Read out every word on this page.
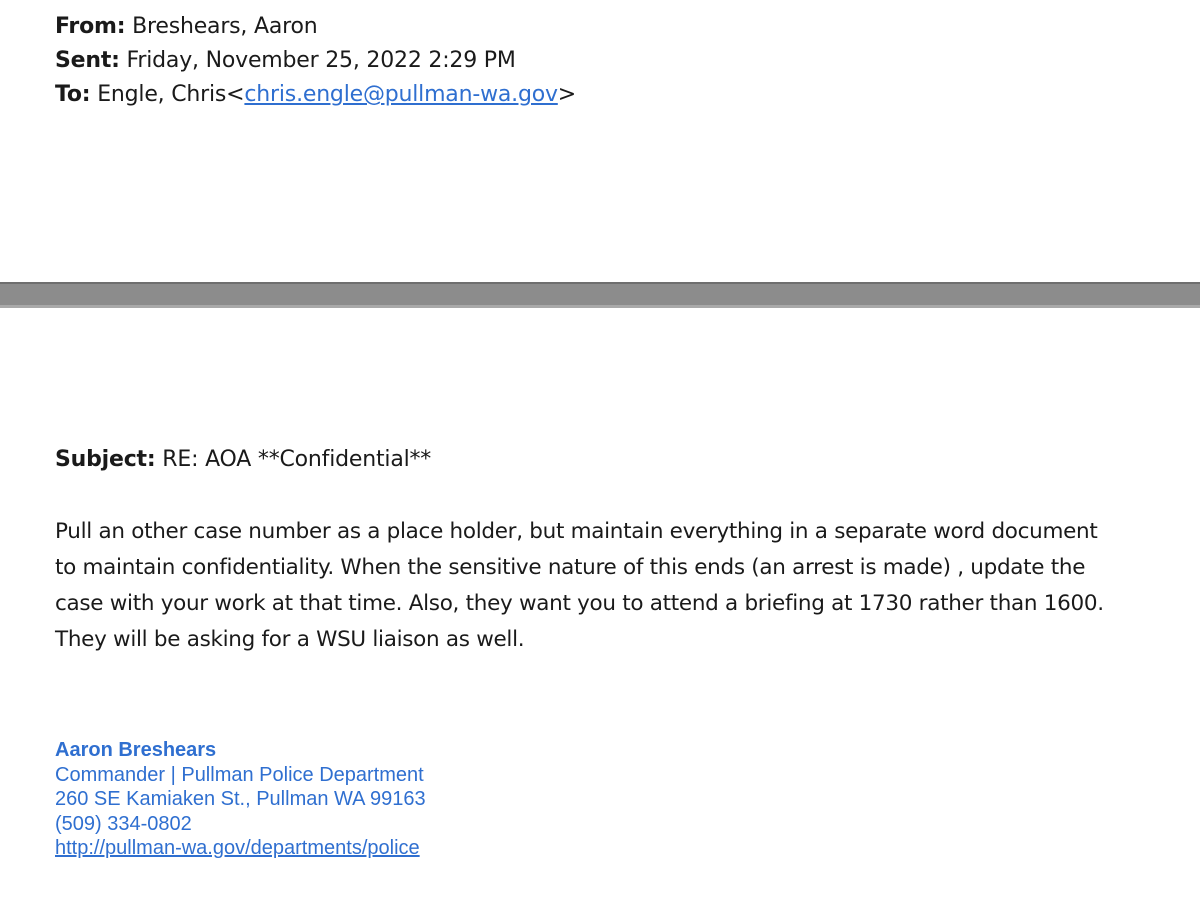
From: Breshears, Aaron
Sent: Friday, November 25, 2022 2:29 PM
To: Engle, Chris<chris.engle@pullman-wa.gov>
Subject: RE: AOA **Confidential**
Pull an other case number as a place holder, but maintain everything in a separate word document
to maintain confidentiality. When the sensitive nature of this ends (an arrest is made) , update the
case with your work at that time. Also, they want you to attend a briefing at 1730 rather than 1600.
They will be asking for a WSU liaison as well.
Aaron Breshears
Commander | Pullman Police Department
260 SE Kamiaken St., Pullman WA 99163
(509) 334-0802
http://pullman-wa.gov/departments/police
